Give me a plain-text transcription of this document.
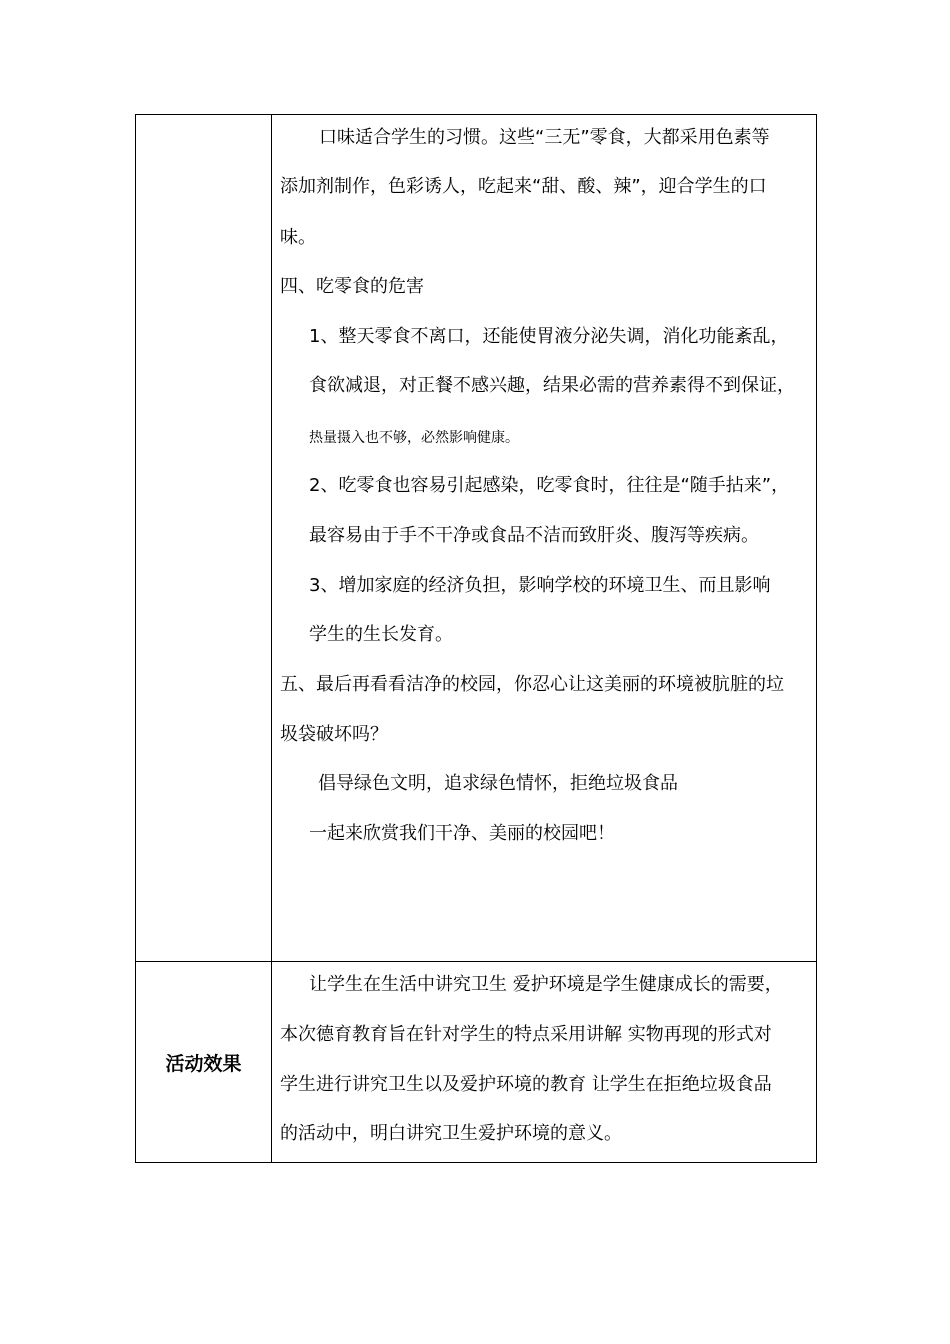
口味适合学生的习惯。这些“三无”零食，大都采用色素等
添加剂制作，色彩诱人，吃起来“甜、酸、辣”，迎合学生的口
味。
四、吃零食的危害
1、整天零食不离口，还能使胃液分泌失调，消化功能紊乱，
食欲减退，对正餐不感兴趣，结果必需的营养素得不到保证，
热量摄入也不够，必然影响健康。
2、吃零食也容易引起感染，吃零食时，往往是“随手拈来”，
最容易由于手不干净或食品不洁而致肝炎、腹泻等疾病。
3、增加家庭的经济负担，影响学校的环境卫生、而且影响
学生的生长发育。
五、最后再看看洁净的校园，你忍心让这美丽的环境被肮脏的垃
圾袋破坏吗？
倡导绿色文明，追求绿色情怀，拒绝垃圾食品
一起来欣赏我们干净、美丽的校园吧！
活动效果
让学生在生活中讲究卫生 爱护环境是学生健康成长的需要，
本次德育教育旨在针对学生的特点采用讲解 实物再现的形式对
学生进行讲究卫生以及爱护环境的教育 让学生在拒绝垃圾食品
的活动中，明白讲究卫生爱护环境的意义。
